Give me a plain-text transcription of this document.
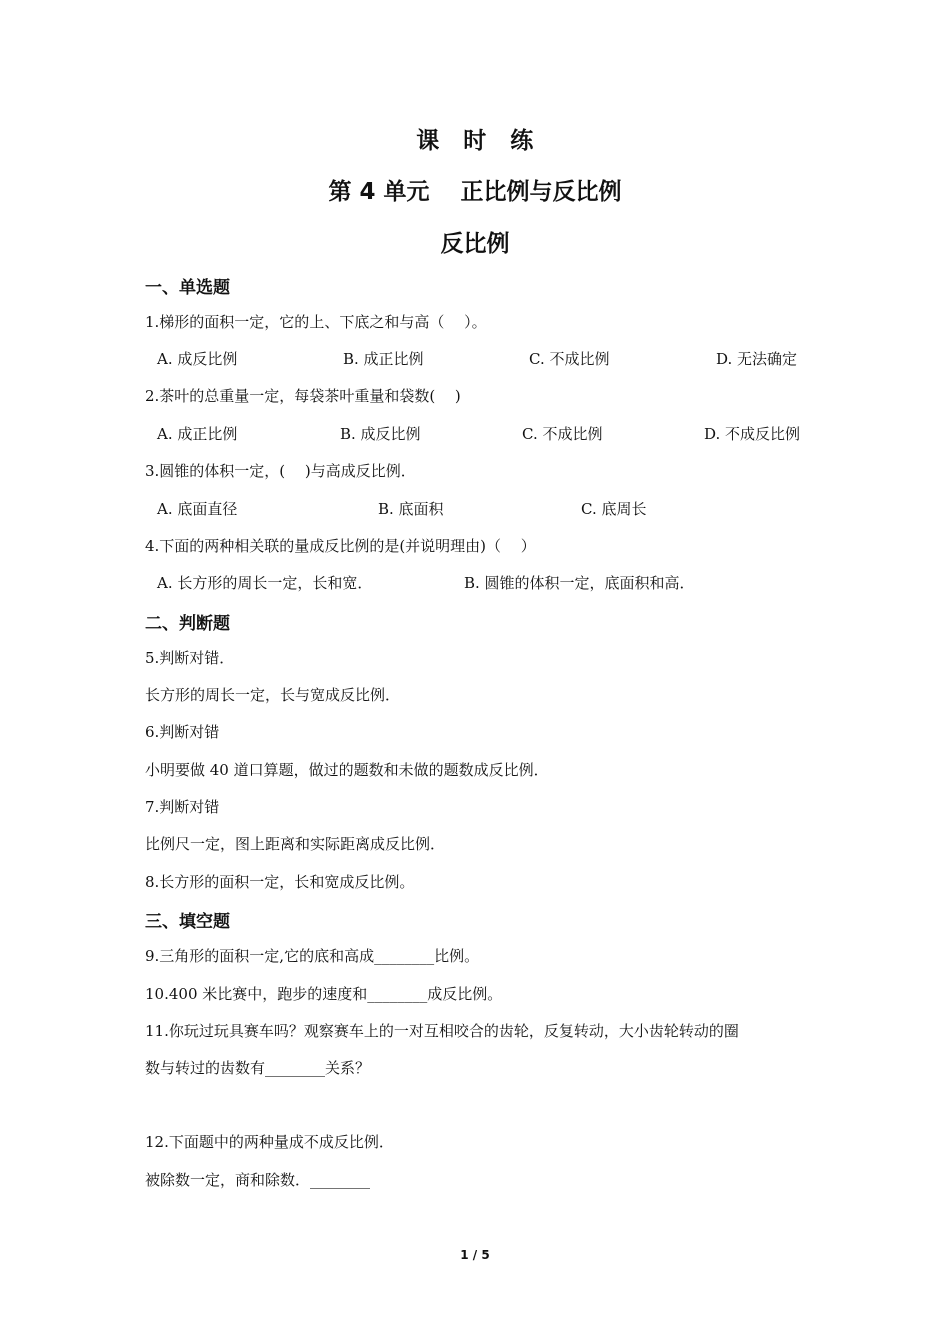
课　时　练
第 4 单元　 正比例与反比例
反比例
一、单选题
1.梯形的面积一定，它的上、下底之和与高（　 ）。
A. 成反比例	B. 成正比例	C. 不成比例	D. 无法确定
2.茶叶的总重量一定，每袋茶叶重量和袋数(　 )
A. 成正比例	B. 成反比例	C. 不成比例	D. 不成反比例
3.圆锥的体积一定，(　 )与高成反比例．
A. 底面直径	B. 底面积	C. 底周长
4.下面的两种相关联的量成反比例的是(并说明理由)（　 ）
A. 长方形的周长一定，长和宽．	B. 圆锥的体积一定，底面积和高．
二、判断题
5.判断对错．
长方形的周长一定，长与宽成反比例．
6.判断对错
小明要做 40 道口算题，做过的题数和未做的题数成反比例．
7.判断对错
比例尺一定，图上距离和实际距离成反比例．
8.长方形的面积一定，长和宽成反比例。
三、填空题
9.三角形的面积一定,它的底和高成________比例。
10.400 米比赛中，跑步的速度和________成反比例。
11.你玩过玩具赛车吗？观察赛车上的一对互相咬合的齿轮，反复转动，大小齿轮转动的圈
数与转过的齿数有________关系？
12.下面题中的两种量成不成反比例．
被除数一定，商和除数．________
1 / 5
